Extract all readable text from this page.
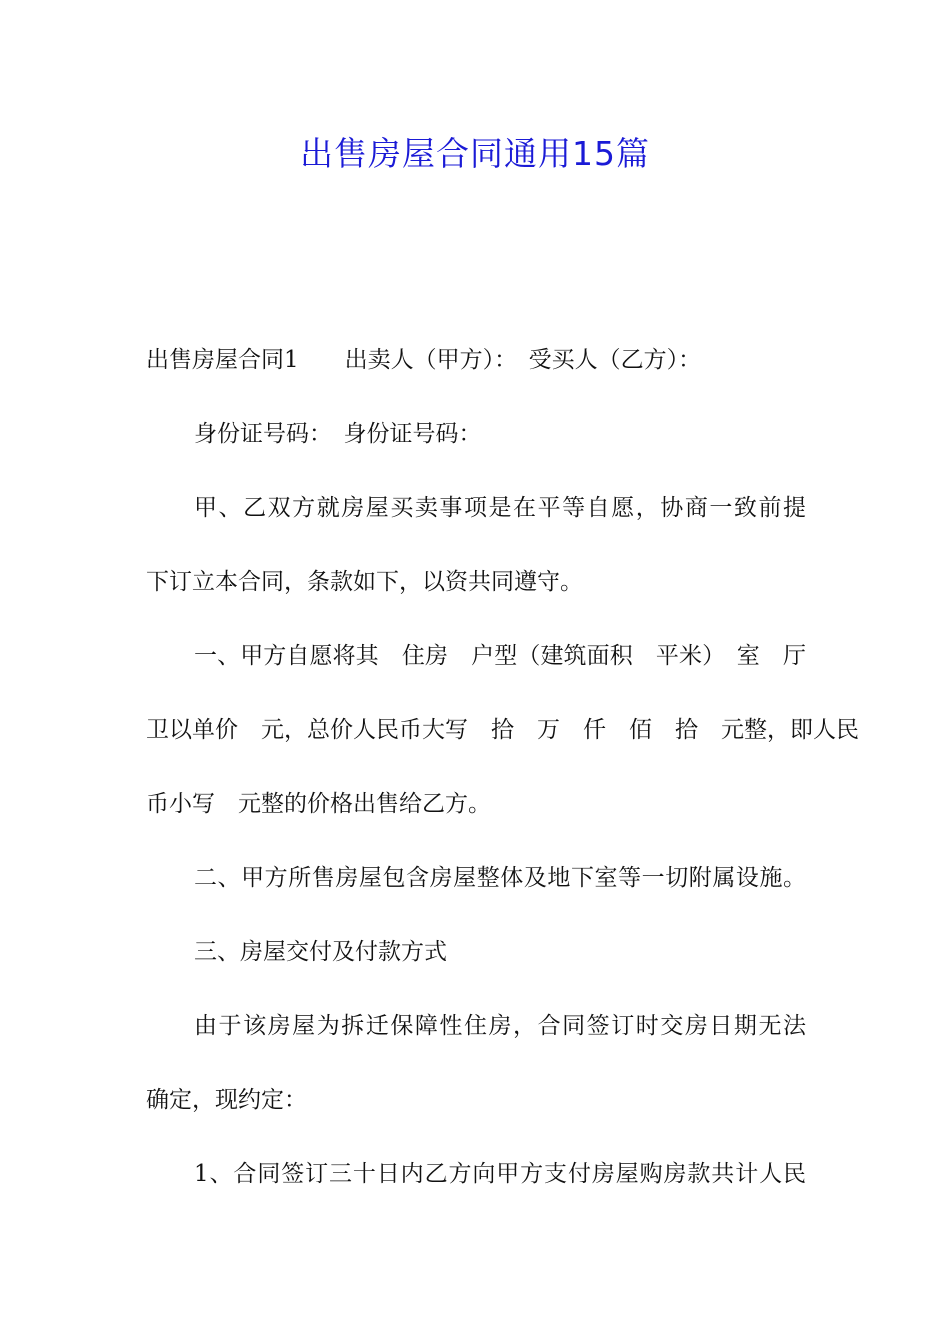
出售房屋合同通用15篇

出售房屋合同1　　出卖人（甲方）：　受买人（乙方）：

身份证号码：　身份证号码：

甲、乙双方就房屋买卖事项是在平等自愿，协商一致前提

下订立本合同，条款如下，以资共同遵守。

一、甲方自愿将其　住房　户型（建筑面积　平米）　室　厅

卫以单价　元，总价人民币大写　拾　万　仟　佰　拾　元整，即人民

币小写　元整的价格出售给乙方。

二、甲方所售房屋包含房屋整体及地下室等一切附属设施。

三、房屋交付及付款方式

由于该房屋为拆迁保障性住房，合同签订时交房日期无法

确定，现约定：

1、合同签订三十日内乙方向甲方支付房屋购房款共计人民
